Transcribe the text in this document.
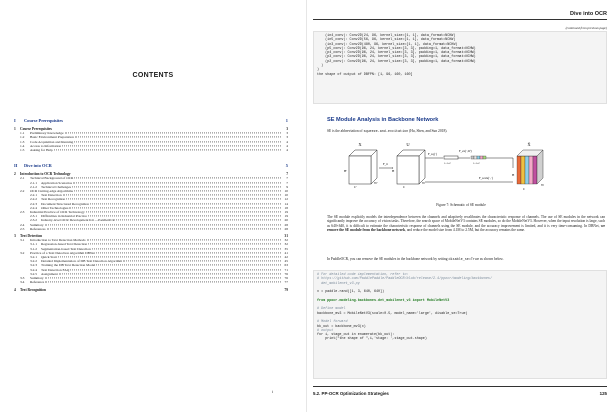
CONTENTS
I	Course Prerequisites	1
1	Course Prerequisites	3
1.1	Preliminary Knowledge	3
1.2	Basic Environment Preparation	3
1.3	Code Acquisition and Running	4
1.4	Access to Information	4
1.5	Asking for Help	4
II	Dive into OCR	5
2	Introduction to OCR Technology	7
2.1	Technical Background of OCR	7
2.1.1	Application Scenarios	7
2.1.2	Technical Challenges	9
2.2	OCR Cutting-edge Algorithms	10
2.2.1	Text Detection	10
2.2.2	Text Recognition	12
2.2.3	Document Structured Recognition	14
2.2.4	Other Technologies	18
2.3	Industrial Practice of OCR Technology	19
2.3.1	Difficulties in Industrial Practice	19
2.3.2	Industry-level OCR Development Kit —PaddleOCR	20
2.4	Summary	28
2.5	References	28
3	Text Detection	31
3.1	Introduction to Text Detection Methods	32
3.1.1	Regression-based Text Detection	32
3.1.2	Segmentation-based Text Detection	35
3.2	Practice of a Text Detection Algorithm DBNet	41
3.2.1	Quick Start	42
3.2.2	Detailed Implementation of DB Text Detection Algorithm	45
3.2.3	Training the DB Text Detection Model	63
3.2.4	Text Detection FAQ	71
3.2.5	Assignment	76
3.3	Summary	76
3.4	Reference	77
4	Text Recognition	79
i
Dive into OCR
(continued from previous page)
(in4_conv): Conv2D(24, 96, kernel_size=[1, 1], data_format=NCHW)
(in5_conv): Conv2D(56, 96, kernel_size=[1, 1], data_format=NCHW)
(in3_conv): Conv2D(480, 96, kernel_size=[1, 1], data_format=NCHW)
(p5_conv): Conv2D(96, 24, kernel_size=[3, 3], padding=1, data_format=NCHW)
(p4_conv): Conv2D(96, 24, kernel_size=[3, 3], padding=1, data_format=NCHW)
(p3_conv): Conv2D(96, 24, kernel_size=[3, 3], padding=1, data_format=NCHW)
(p2_conv): Conv2D(96, 24, kernel_size=[3, 3], padding=1, data_format=NCHW)
)
)
the shape of output of DBFPN: [1, 96, 160, 160]
SE Module Analysis in Backbone Network
SE is the abbreviation of squeeze-and-excitation (Hu, Shen, and Sun 2018).
X
H'
C'
W'
F_tr
U
H
C
W
F_sq(·)
1×1×C
F_ex(·,W)
1×1×C
F_scale(·,·)
X̃
H
C
W
Figure 7: Schematic of SE module
The SE module explicitly models the interdependence between the channels and adaptively recalibrates the characteristic response of channels. The use of SE modules in the network can significantly improve the accuracy of vision tasks. Therefore, the search space of MobileNetV3 contains SE modules, so do the MobileNetV3. However, when the input resolution is large, such as 640×640, it is difficult to estimate the characteristic response of channels using the SE module, and the accuracy improvement is limited, and it is very time-consuming. In DBNet, we remove the SE module from the backbone network, and reduce the model size from 4.1M to 2.5M, but the accuracy remains the same.
In PaddleOCR, you can remove the SE modules in the backbone network by setting disable_se=True as shown below.
# For detailed code implementation, refer to:
# https://github.com/PaddlePaddle/PaddleOCR/blob/release/2.4/ppocr/modeling/backbones/
det_mobilenet_v3.py
x = paddle.rand([1, 3, 640, 640])
from ppocr.modeling.backbones.det_mobilenet_v3 import MobileNetV3
# Define model
backbone_mv3 = MobileNetV3(scale=0.5, model_name='large', disable_se=True)
# Model forward
bk_out = backbone_mv3(x)
# output
for i, stage_out in enumerate(bk_out):
print("the shape of ",i,'stage: ',stage_out.shape)
5.2. PP-OCR Optimization Strategies	125
